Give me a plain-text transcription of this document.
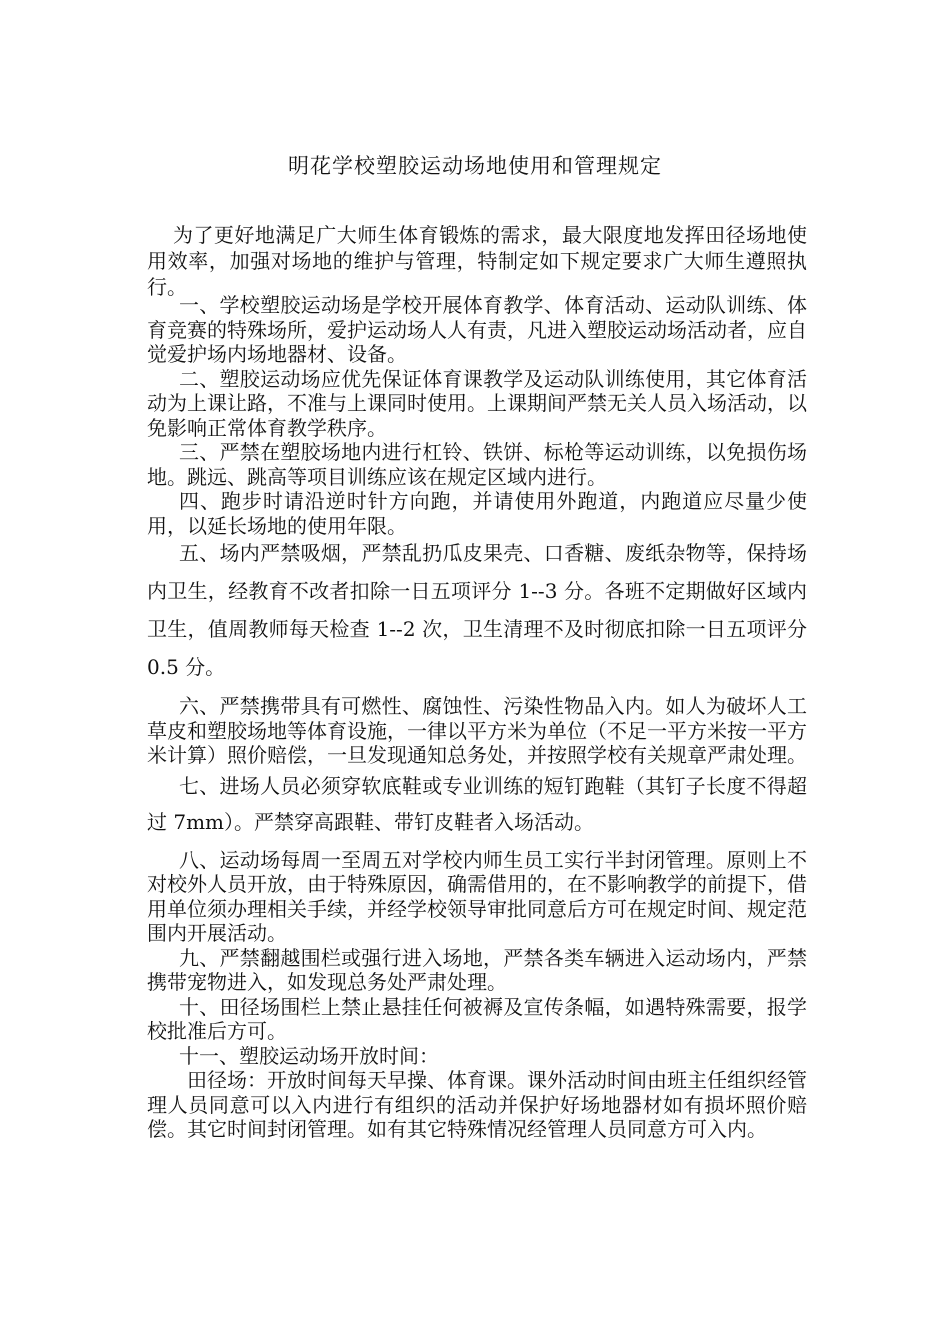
明花学校塑胶运动场地使用和管理规定

为了更好地满足广大师生体育锻炼的需求，最大限度地发挥田径场地使用效率，加强对场地的维护与管理，特制定如下规定要求广大师生遵照执行。

一、学校塑胶运动场是学校开展体育教学、体育活动、运动队训练、体育竞赛的特殊场所，爱护运动场人人有责，凡进入塑胶运动场活动者，应自觉爱护场内场地器材、设备。

二、塑胶运动场应优先保证体育课教学及运动队训练使用，其它体育活动为上课让路，不准与上课同时使用。上课期间严禁无关人员入场活动，以免影响正常体育教学秩序。

三、严禁在塑胶场地内进行杠铃、铁饼、标枪等运动训练，以免损伤场地。跳远、跳高等项目训练应该在规定区域内进行。

四、跑步时请沿逆时针方向跑，并请使用外跑道，内跑道应尽量少使用，以延长场地的使用年限。

五、场内严禁吸烟，严禁乱扔瓜皮果壳、口香糖、废纸杂物等，保持场内卫生，经教育不改者扣除一日五项评分 1--3 分。各班不定期做好区域内卫生，值周教师每天检查 1--2 次，卫生清理不及时彻底扣除一日五项评分 0.5 分。

六、严禁携带具有可燃性、腐蚀性、污染性物品入内。如人为破坏人工草皮和塑胶场地等体育设施，一律以平方米为单位（不足一平方米按一平方米计算）照价赔偿，一旦发现通知总务处，并按照学校有关规章严肃处理。

七、进场人员必须穿软底鞋或专业训练的短钉跑鞋（其钉子长度不得超过 7mm）。严禁穿高跟鞋、带钉皮鞋者入场活动。

八、运动场每周一至周五对学校内师生员工实行半封闭管理。原则上不对校外人员开放，由于特殊原因，确需借用的，在不影响教学的前提下，借用单位须办理相关手续，并经学校领导审批同意后方可在规定时间、规定范围内开展活动。

九、严禁翻越围栏或强行进入场地，严禁各类车辆进入运动场内，严禁携带宠物进入，如发现总务处严肃处理。

十、田径场围栏上禁止悬挂任何被褥及宣传条幅，如遇特殊需要，报学校批准后方可。

十一、塑胶运动场开放时间：

田径场：开放时间每天早操、体育课。课外活动时间由班主任组织经管理人员同意可以入内进行有组织的活动并保护好场地器材如有损坏照价赔偿。其它时间封闭管理。如有其它特殊情况经管理人员同意方可入内。
